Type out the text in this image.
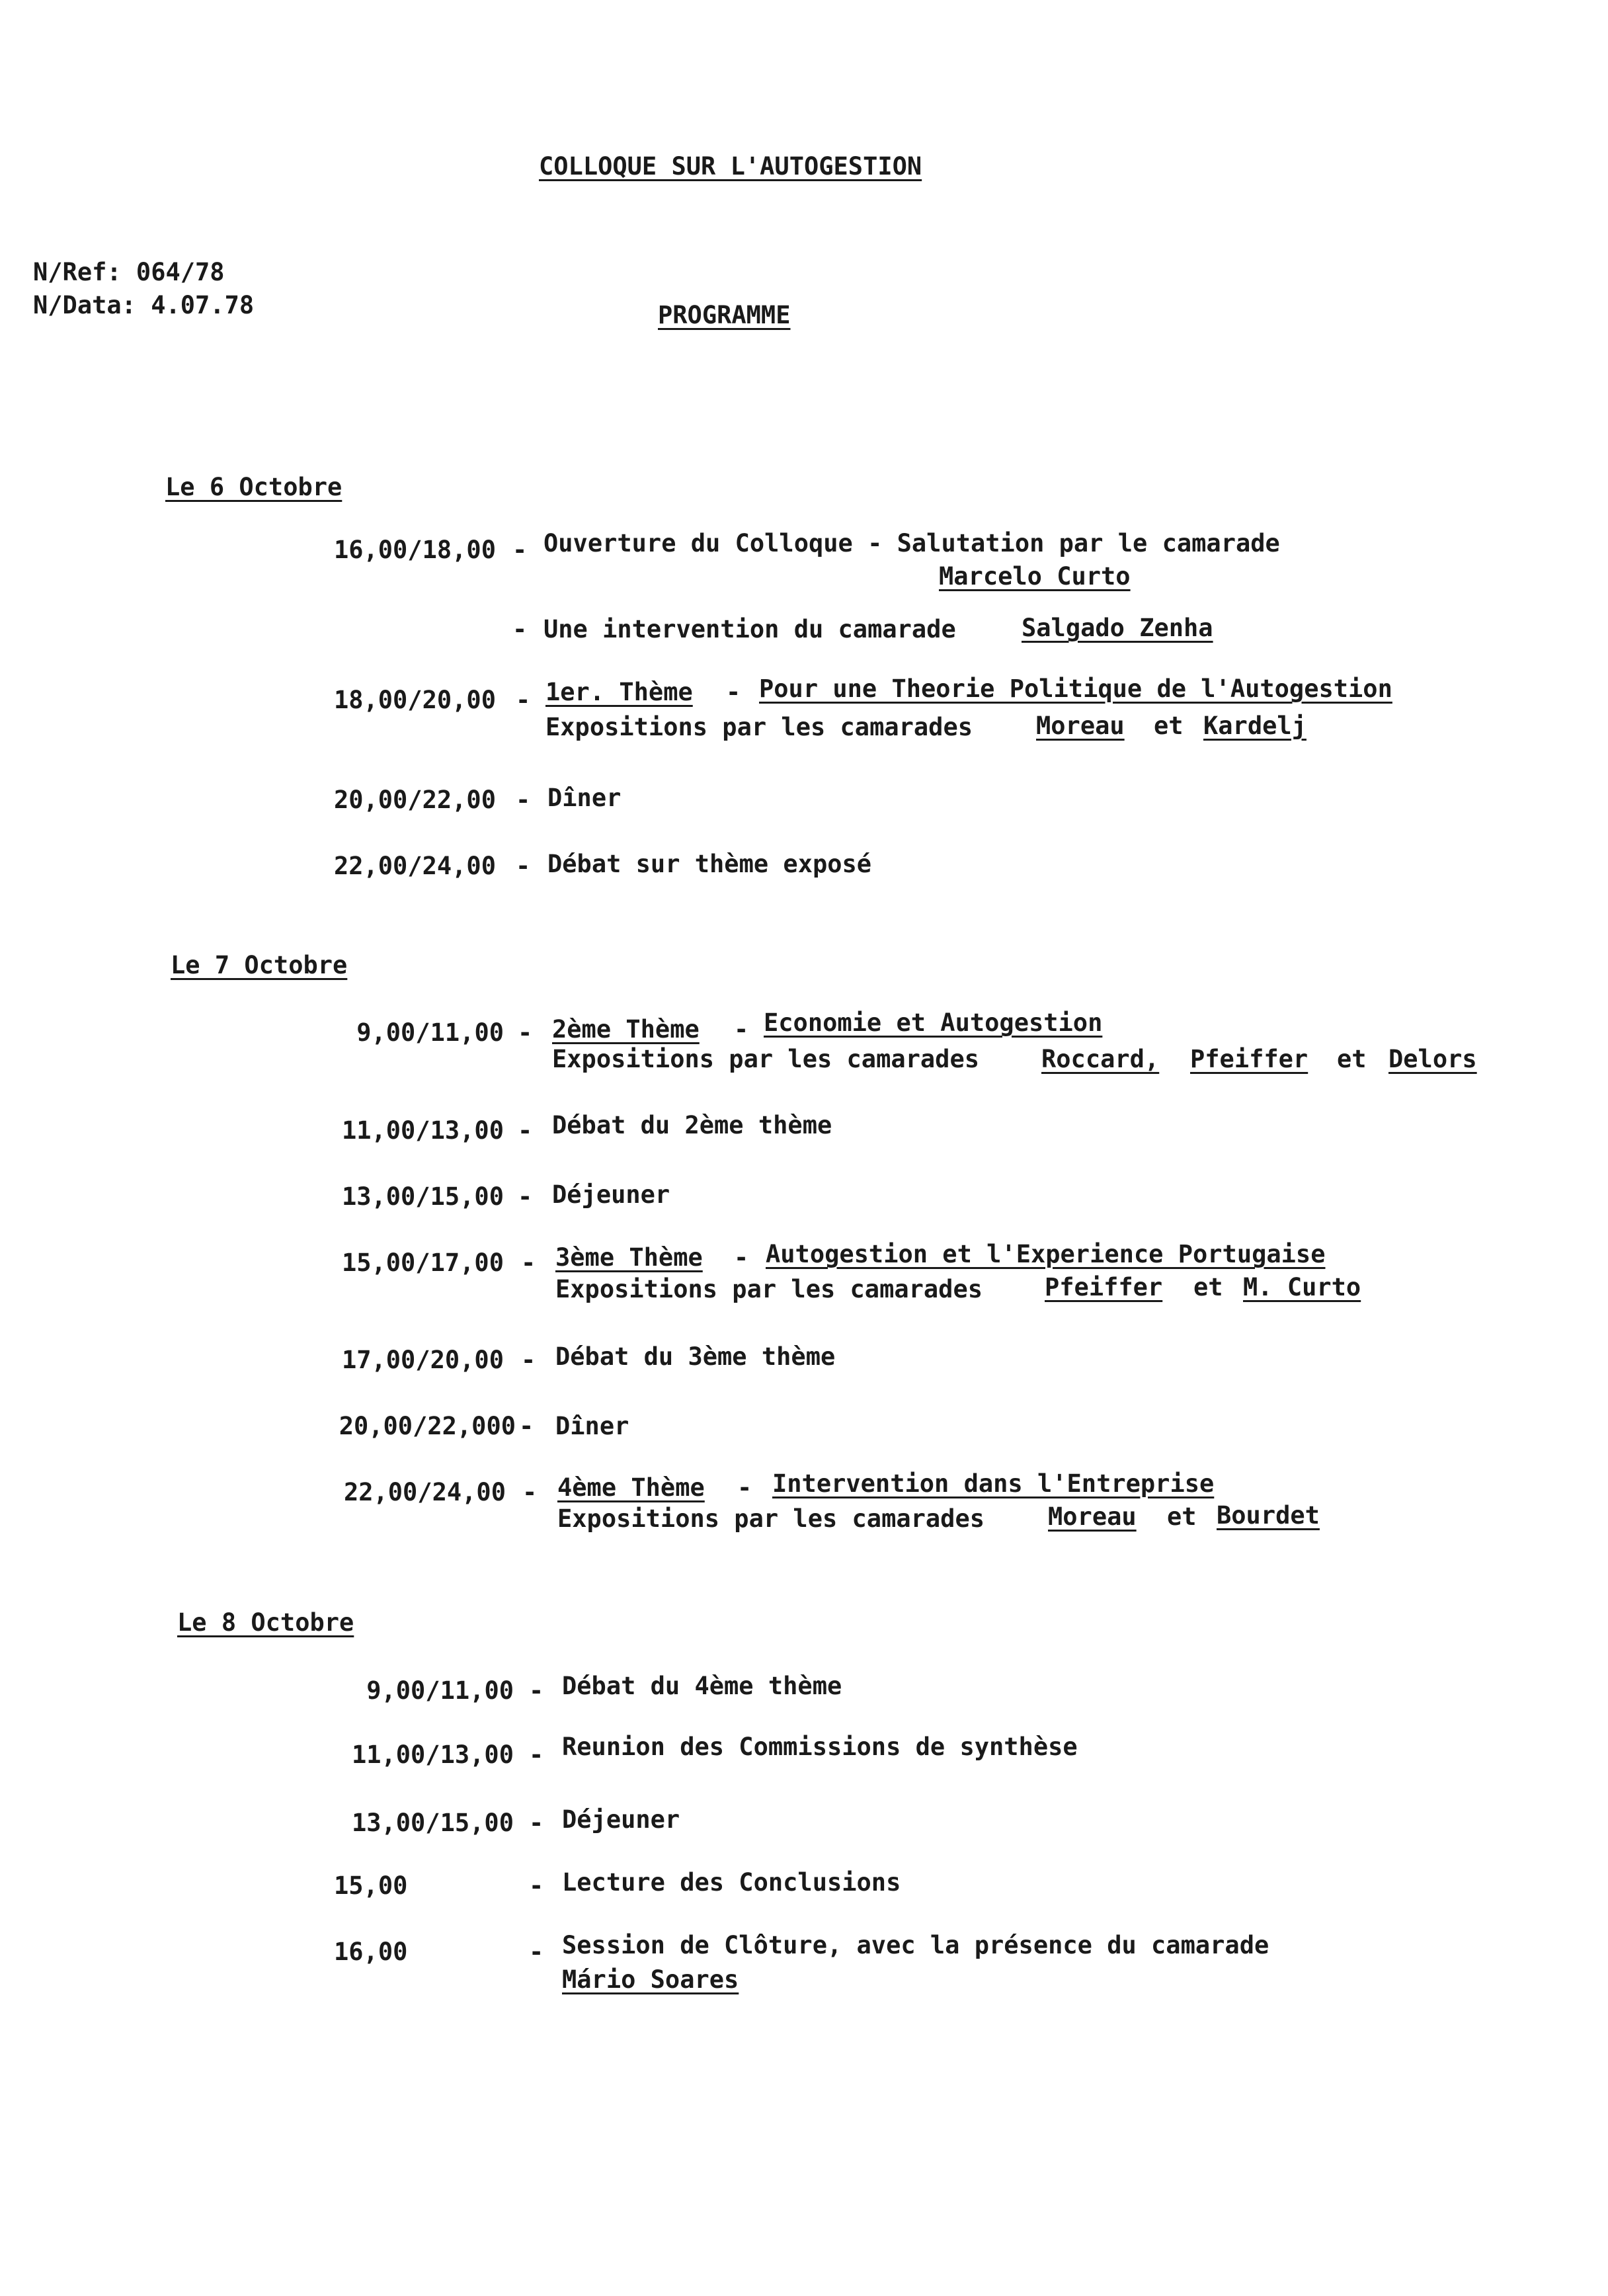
COLLOQUE SUR L'AUTOGESTION
N/Ref: 064/78
N/Data: 4.07.78	PROGRAMME
Le 6 Octobre
16,00/18,00 - Ouverture du Colloque - Salutation par le camarade
Marcelo Curto
- Une intervention du camarade	Salgado Zenha
18,00/20,00 - 1er. Thème - Pour une Theorie Politique de l'Autogestion
Expositions par les camarades	Moreau et Kardelj
20,00/22,00 - Dîner
22,00/24,00 - Débat sur thème exposé
Le 7 Octobre
9,00/11,00 - 2ème Thème - Economie et Autogestion
Expositions par les camarades	Roccard, Pfeiffer et Delors
11,00/13,00 - Débat du 2ème thème
13,00/15,00 - Déjeuner
15,00/17,00 - 3ème Thème - Autogestion et l'Experience Portugaise
Expositions par les camarades	Pfeiffer et M. Curto
17,00/20,00 - Débat du 3ème thème
20,00/22,000 - Dîner
22,00/24,00 - 4ème Thème - Intervention dans l'Entreprise
Expositions par les camarades	Moreau et Bourdet
Le 8 Octobre
9,00/11,00 - Débat du 4ème thème
11,00/13,00 - Reunion des Commissions de synthèse
13,00/15,00 - Déjeuner
15,00	- Lecture des Conclusions
16,00	- Session de Clôture, avec la présence du camarade
Mário Soares
